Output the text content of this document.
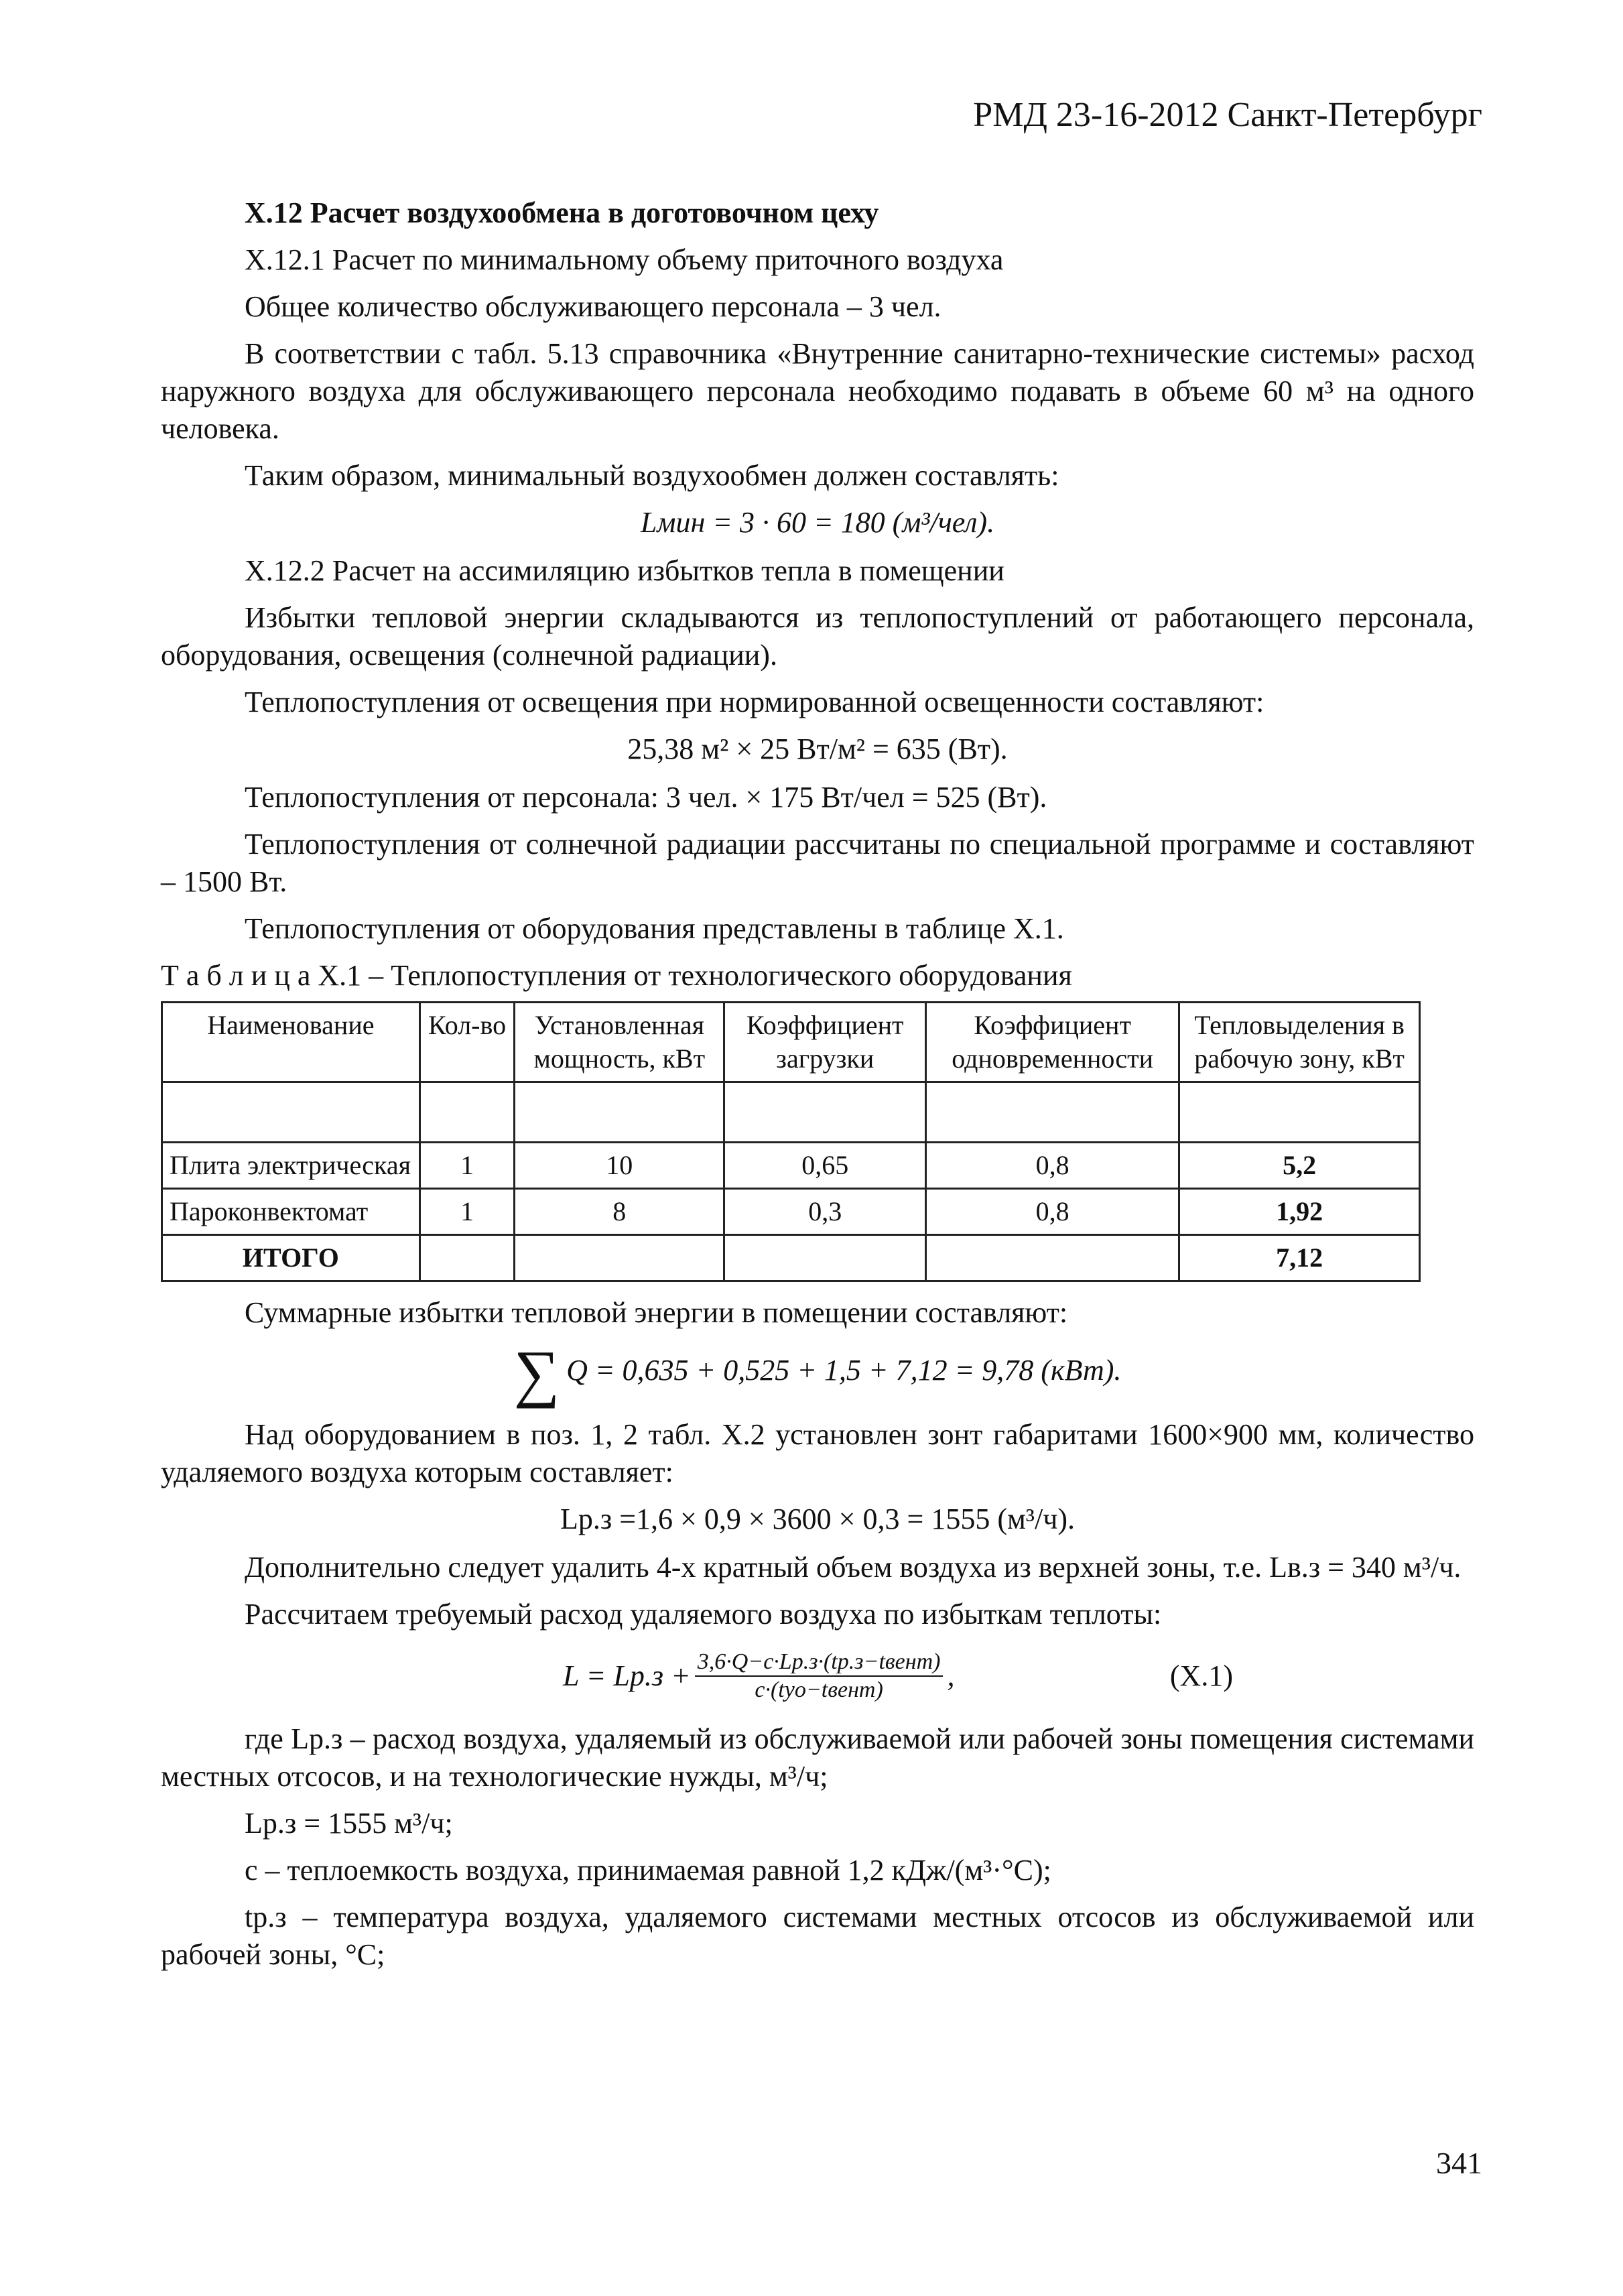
РМД 23-16-2012 Санкт-Петербург

X.12 Расчет воздухообмена в доготовочном цеху

X.12.1 Расчет по минимальному объему приточного воздуха

Общее количество обслуживающего персонала – 3 чел.

В соответствии с табл. 5.13 справочника «Внутренние санитарно-технические системы» расход наружного воздуха для обслуживающего персонала необходимо подавать в объеме 60 м³ на одного человека.

Таким образом, минимальный воздухообмен должен составлять:

Lмин = 3 · 60 = 180 (м³/чел).

X.12.2 Расчет на ассимиляцию избытков тепла в помещении

Избытки тепловой энергии складываются из теплопоступлений от работающего персонала, оборудования, освещения (солнечной радиации).

Теплопоступления от освещения при нормированной освещенности составляют:

25,38 м² × 25 Вт/м² = 635 (Вт).

Теплопоступления от персонала: 3 чел. × 175 Вт/чел = 525 (Вт).

Теплопоступления от солнечной радиации рассчитаны по специальной программе и составляют – 1500 Вт.

Теплопоступления от оборудования представлены в таблице X.1.

Т а б л и ц а X.1 – Теплопоступления от технологического оборудования

Наименование	Кол-во	Установленная мощность, кВт	Коэффициент загрузки	Коэффициент одновременности	Тепловыделения в рабочую зону, кВт

Плита электрическая	1	10	0,65	0,8	5,2
Пароконвектомат	1	8	0,3	0,8	1,92
ИТОГО					7,12

Суммарные избытки тепловой энергии в помещении составляют:

∑ Q = 0,635 + 0,525 + 1,5 + 7,12 = 9,78 (кВт).

Над оборудованием в поз. 1, 2 табл. X.2 установлен зонт габаритами 1600×900 мм, количество удаляемого воздуха которым составляет:

Lр.з =1,6 × 0,9 × 3600 × 0,3 = 1555 (м³/ч).

Дополнительно следует удалить 4-х кратный объем воздуха из верхней зоны, т.е. Lв.з = 340 м³/ч.

Рассчитаем требуемый расход удаляемого воздуха по избыткам теплоты:

$L = Lр.з + \frac{\text{3,6·Q−c·Lр.з·(tр.з−tвент)}}{\text{c·(tуо−tвент)}}$ ,	(X.1)

где Lр.з – расход воздуха, удаляемый из обслуживаемой или рабочей зоны помещения системами местных отсосов, и на технологические нужды, м³/ч;

Lр.з = 1555 м³/ч;

c – теплоемкость воздуха, принимаемая равной 1,2 кДж/(м³·°С);

tр.з – температура воздуха, удаляемого системами местных отсосов из обслуживаемой или рабочей зоны, °С;

341
